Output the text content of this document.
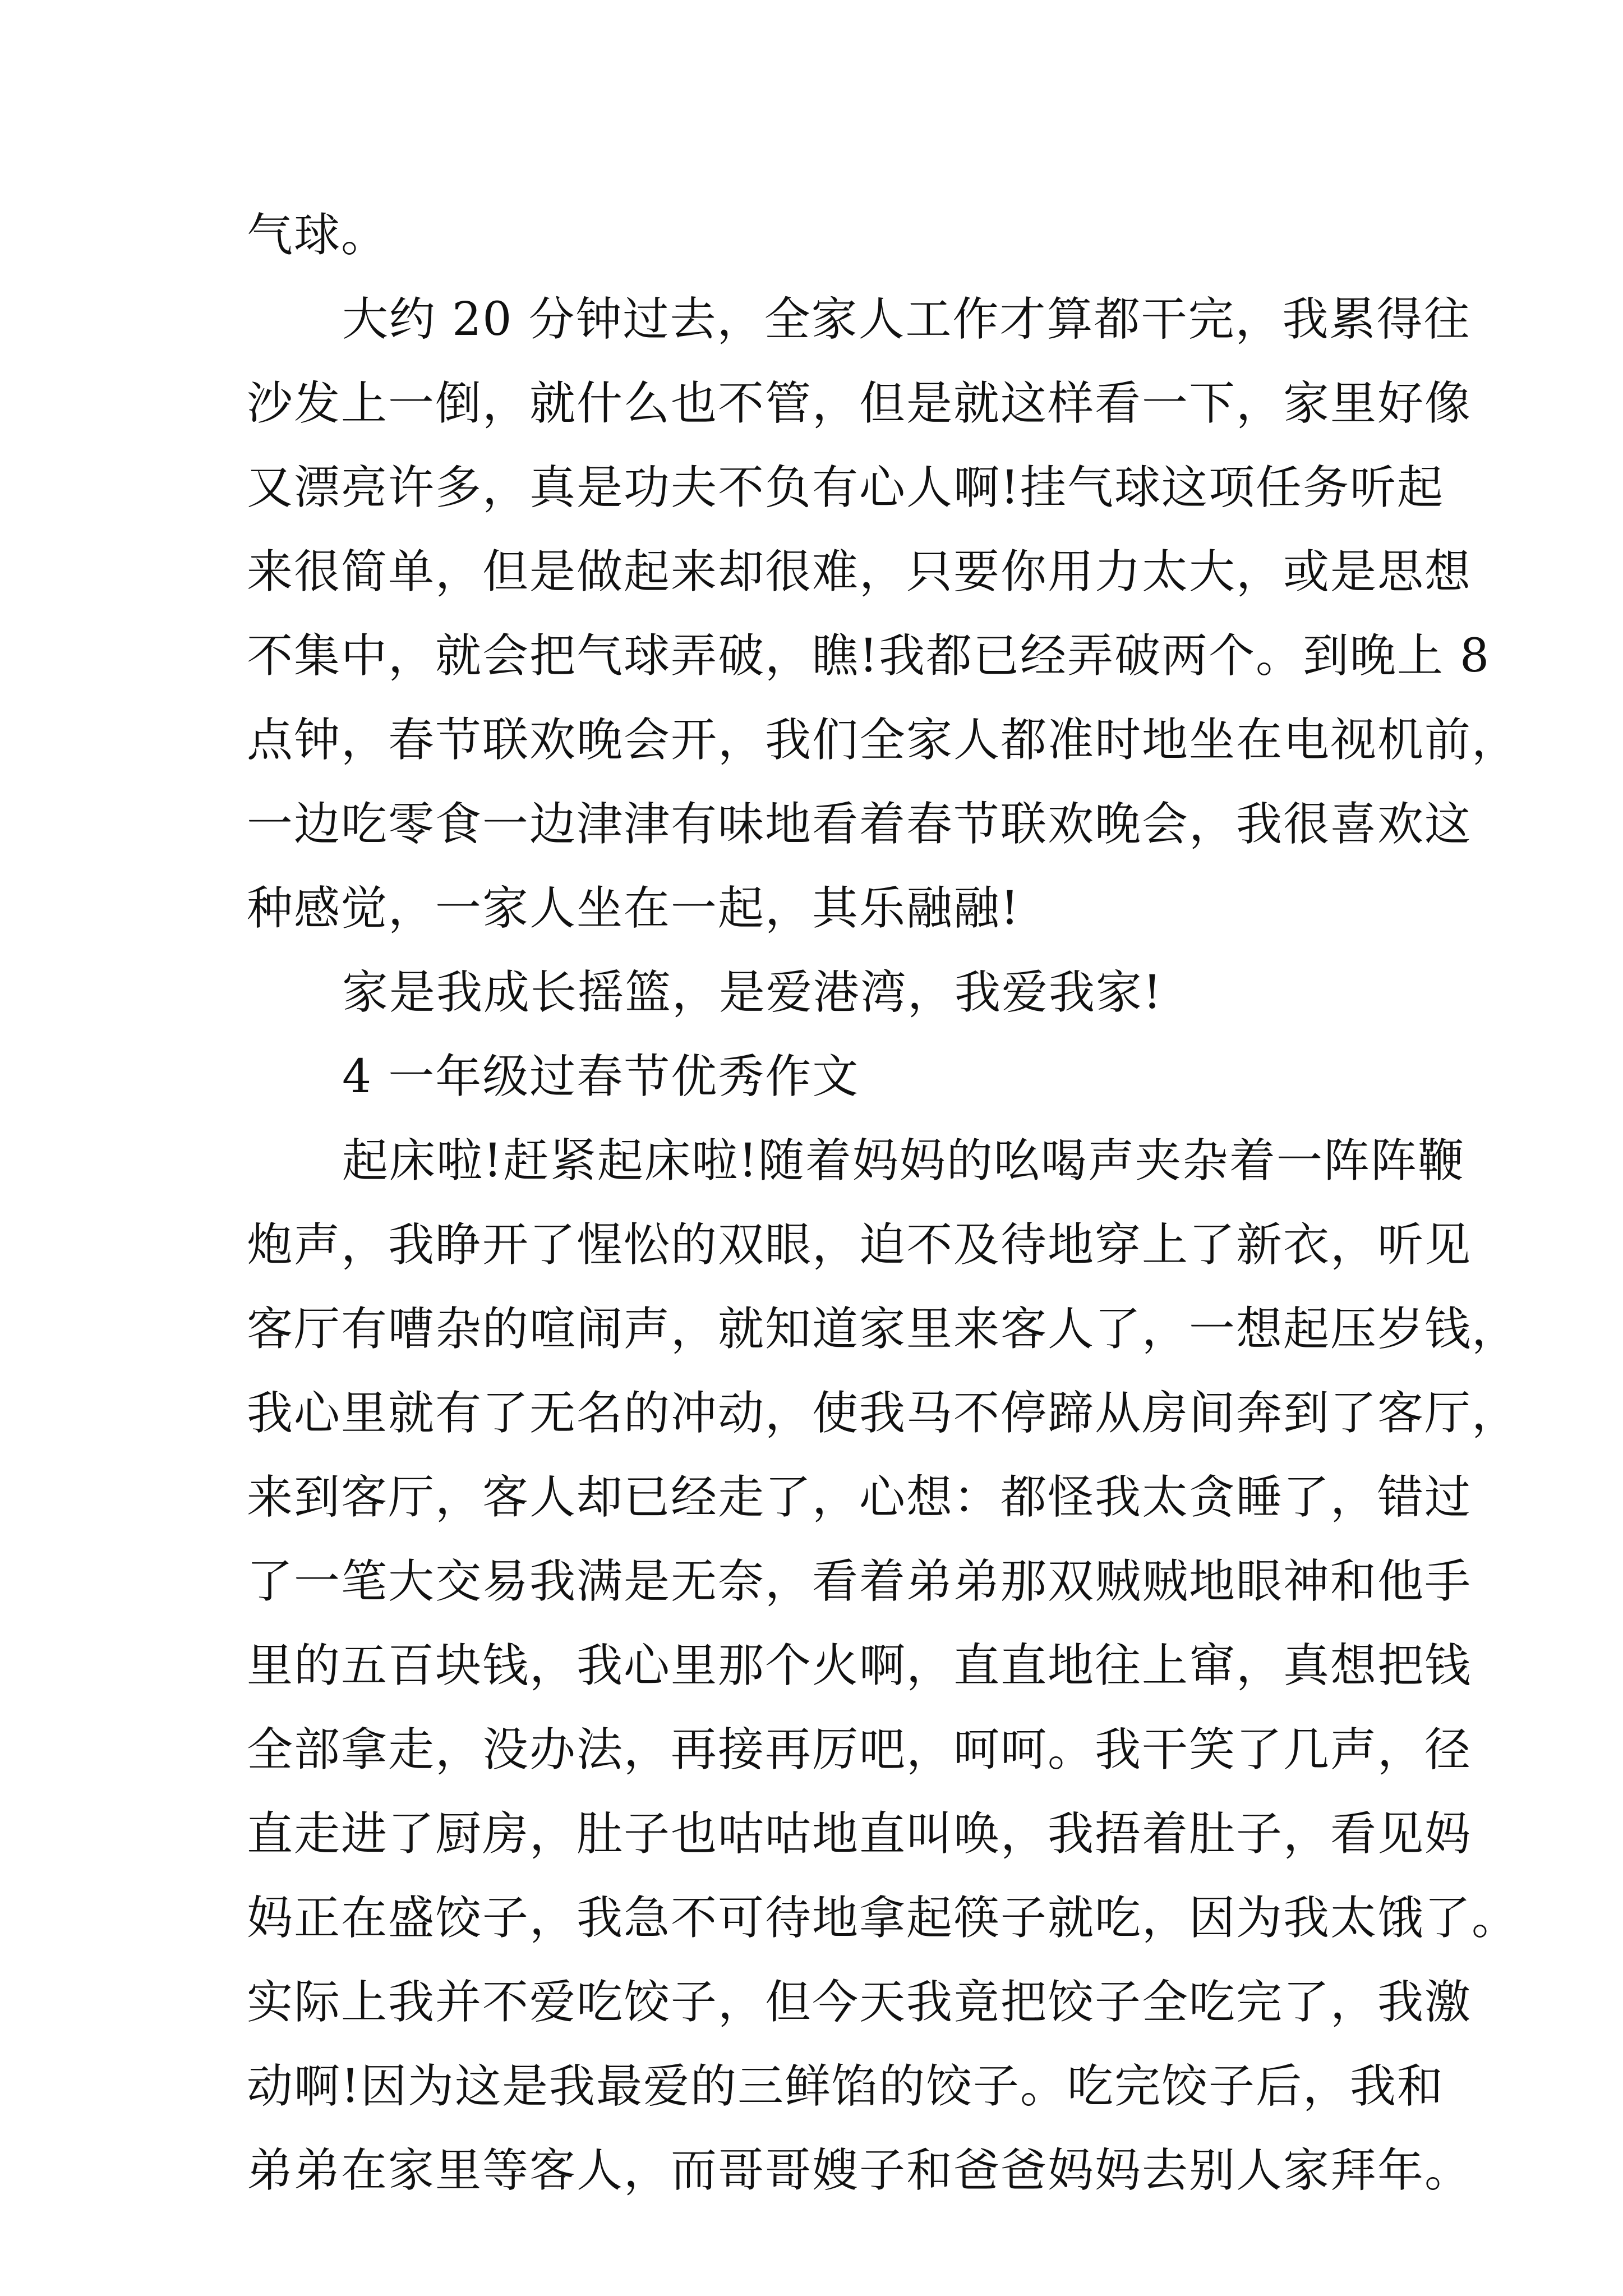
气球。
大约 20 分钟过去，全家人工作才算都干完，我累得往
沙发上一倒，就什么也不管，但是就这样看一下，家里好像
又漂亮许多，真是功夫不负有心人啊!挂气球这项任务听起
来很简单，但是做起来却很难，只要你用力太大，或是思想
不集中，就会把气球弄破，瞧!我都已经弄破两个。到晚上 8
点钟，春节联欢晚会开，我们全家人都准时地坐在电视机前，
一边吃零食一边津津有味地看着春节联欢晚会，我很喜欢这
种感觉，一家人坐在一起，其乐融融!
家是我成长摇篮，是爱港湾，我爱我家!
4 一年级过春节优秀作文
起床啦!赶紧起床啦!随着妈妈的吆喝声夹杂着一阵阵鞭
炮声，我睁开了惺忪的双眼，迫不及待地穿上了新衣，听见
客厅有嘈杂的喧闹声，就知道家里来客人了，一想起压岁钱，
我心里就有了无名的冲动，使我马不停蹄从房间奔到了客厅，
来到客厅，客人却已经走了，心想：都怪我太贪睡了，错过
了一笔大交易我满是无奈，看着弟弟那双贼贼地眼神和他手
里的五百块钱，我心里那个火啊，直直地往上窜，真想把钱
全部拿走，没办法，再接再厉吧，呵呵。我干笑了几声，径
直走进了厨房，肚子也咕咕地直叫唤，我捂着肚子，看见妈
妈正在盛饺子，我急不可待地拿起筷子就吃，因为我太饿了。
实际上我并不爱吃饺子，但今天我竟把饺子全吃完了，我激
动啊!因为这是我最爱的三鲜馅的饺子。吃完饺子后，我和
弟弟在家里等客人，而哥哥嫂子和爸爸妈妈去别人家拜年。
